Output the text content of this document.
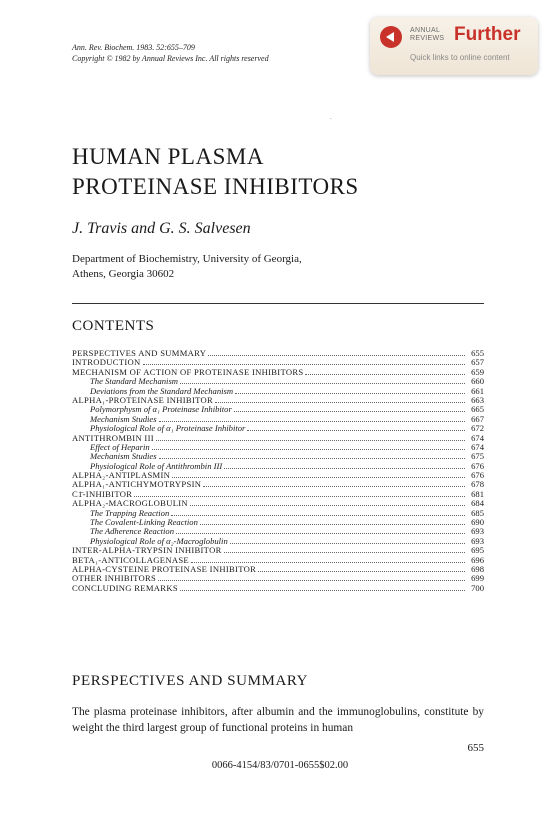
Ann. Rev. Biochem. 1983. 52:655–709
Copyright © 1982 by Annual Reviews Inc. All rights reserved
ANNUAL
REVIEWS Further
Quick links to online content
.
HUMAN PLASMA
PROTEINASE INHIBITORS
J. Travis and G. S. Salvesen
Department of Biochemistry, University of Georgia,
Athens, Georgia 30602
CONTENTS
PERSPECTIVES AND SUMMARY	655
INTRODUCTION	657
MECHANISM OF ACTION OF PROTEINASE INHIBITORS	659
The Standard Mechanism	660
Deviations from the Standard Mechanism	661
ALPHA₁-PROTEINASE INHIBITOR	663
Polymorphysm of α₁ Proteinase Inhibitor	665
Mechanism Studies	667
Physiological Role of α₁ Proteinase Inhibitor	672
ANTITHROMBIN III	674
Effect of Heparin	674
Mechanism Studies	675
Physiological Role of Antithrombin III	676
ALPHA₂-ANTIPLASMIN	676
ALPHA₁-ANTICHYMOTRYPSIN	678
C1̄-INHIBITOR	681
ALPHA₂-MACROGLOBULIN	684
The Trapping Reaction	685
The Covalent-Linking Reaction	690
The Adherence Reaction	693
Physiological Role of α₂-Macroglobulin	693
INTER-ALPHA-TRYPSIN INHIBITOR	695
BETA₁-ANTICOLLAGENASE	696
ALPHA-CYSTEINE PROTEINASE INHIBITOR	698
OTHER INHIBITORS	699
CONCLUDING REMARKS	700
PERSPECTIVES AND SUMMARY
The plasma proteinase inhibitors, after albumin and the immunoglobulins, constitute by weight the third largest group of functional proteins in human
655
0066-4154/83/0701-0655$02.00
